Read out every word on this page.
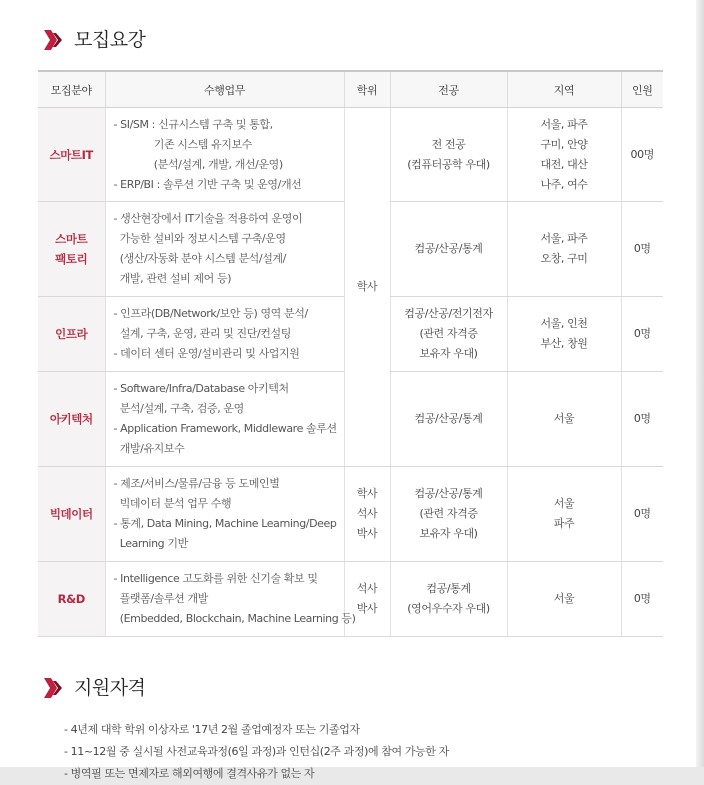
모집요강
모집분야	수행업무	학위	전공	지역	인원

스마트IT	- SI/SM : 신규시스템 구축 및 통합,
기존 시스템 유지보수
(분석/설계, 개발, 개선/운영)
- ERP/BI : 솔루션 기반 구축 및 운영/개선	학사	전 전공
(컴퓨터공학 우대)	서울, 파주
구미, 안양
대전, 대산
나주, 여수	00명

스마트
팩토리	- 생산현장에서 IT기술을 적용하여 운영이
가능한 설비와 정보시스템 구축/운영
(생산/자동화 분야 시스템 분석/설계/
개발, 관련 설비 제어 등)		컴공/산공/통계	서울, 파주
오창, 구미	0명

인프라	- 인프라(DB/Network/보안 등) 영역 분석/
설계, 구축, 운영, 관리 및 진단/컨설팅
- 데이터 센터 운영/설비관리 및 사업지원		컴공/산공/전기전자
(관련 자격증
보유자 우대)	서울, 인천
부산, 창원	0명

아키텍처	- Software/Infra/Database 아키텍처
분석/설계, 구축, 검증, 운영
- Application Framework, Middleware 솔루션
개발/유지보수		컴공/산공/통계	서울	0명

빅데이터	- 제조/서비스/물류/금융 등 도메인별
빅데이터 분석 업무 수행
- 통계, Data Mining, Machine Learning/Deep
Learning 기반	학사
석사
박사	컴공/산공/통계
(관련 자격증
보유자 우대)	서울
파주	0명

R&D	- Intelligence 고도화를 위한 신기술 확보 및
플랫폼/솔루션 개발
(Embedded, Blockchain, Machine Learning 등)	석사
박사	컴공/통계
(영어우수자 우대)	서울	0명
지원자격
- 4년제 대학 학위 이상자로 '17년 2월 졸업예정자 또는 기졸업자
- 11~12월 중 실시될 사전교육과정(6일 과정)과 인턴십(2주 과정)에 참여 가능한 자
- 병역필 또는 면제자로 해외여행에 결격사유가 없는 자
